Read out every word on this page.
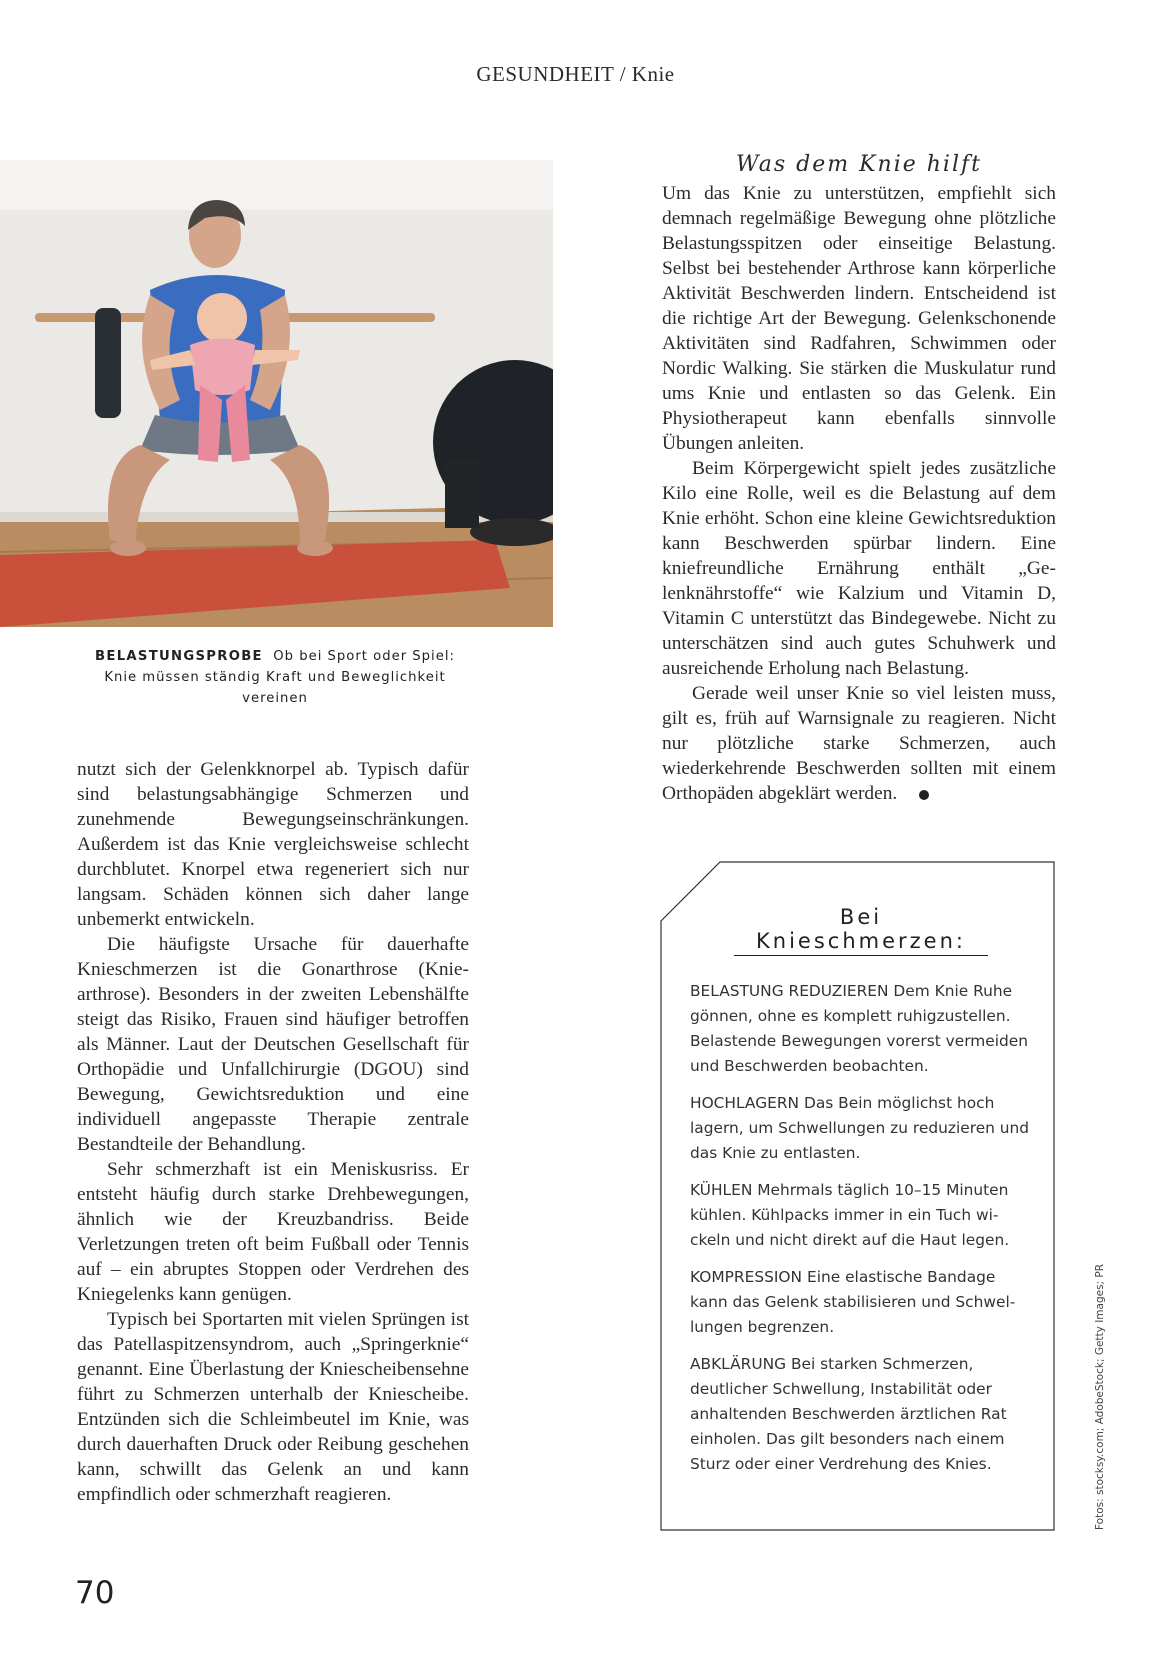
GESUNDHEIT / Knie
BELASTUNGSPROBE Ob bei Sport oder Spiel: Knie müssen ständig Kraft und Beweglichkeit vereinen

nutzt sich der Gelenkknorpel ab. Typisch dafür sind belastungsabhängige Schmerzen und zunehmende Bewegungseinschränkungen. Außerdem ist das Knie vergleichsweise schlecht durchblutet. Knorpel etwa regeneriert sich nur langsam. Schäden können sich daher lange unbemerkt entwickeln.

Die häufigste Ursache für dauerhafte Knieschmerzen ist die Gonarthrose (Kniearthrose). Besonders in der zweiten Lebenshälfte steigt das Risiko, Frauen sind häufiger betroffen als Männer. Laut der Deutschen Gesellschaft für Orthopädie und Unfallchirurgie (DGOU) sind Bewegung, Gewichtsreduktion und eine individuell angepasste Therapie zentrale Bestandteile der Behandlung.

Sehr schmerzhaft ist ein Meniskusriss. Er entsteht häufig durch starke Drehbewegungen, ähnlich wie der Kreuzbandriss. Beide Verletzungen treten oft beim Fußball oder Tennis auf – ein abruptes Stoppen oder Verdrehen des Kniegelenks kann genügen.

Typisch bei Sportarten mit vielen Sprüngen ist das Patellaspitzensyndrom, auch „Springerknie“ genannt. Eine Überlastung der Kniescheibensehne führt zu Schmerzen unterhalb der Kniescheibe. Entzünden sich die Schleimbeutel im Knie, was durch dauerhaften Druck oder Reibung geschehen kann, schwillt das Gelenk an und kann empfindlich oder schmerzhaft reagieren.

Was dem Knie hilft

Um das Knie zu unterstützen, empfiehlt sich demnach regelmäßige Bewegung ohne plötzliche Belastungsspitzen oder einseitige Belastung. Selbst bei bestehender Arthrose kann körperliche Aktivität Beschwerden lindern. Entscheidend ist die richtige Art der Bewegung. Gelenkschonende Aktivitäten sind Radfahren, Schwimmen oder Nordic Walking. Sie stärken die Muskulatur rund ums Knie und entlasten so das Gelenk. Ein Physiotherapeut kann ebenfalls sinnvolle Übungen anleiten.

Beim Körpergewicht spielt jedes zusätzliche Kilo eine Rolle, weil es die Belastung auf dem Knie erhöht. Schon eine kleine Gewichtsreduktion kann Beschwerden spürbar lindern. Eine kniefreundliche Ernährung enthält „Gelenknährstoffe“ wie Kalzium und Vitamin D, Vitamin C unterstützt das Bindegewebe. Nicht zu unterschätzen sind auch gutes Schuhwerk und ausreichende Erholung nach Belastung.

Gerade weil unser Knie so viel leisten muss, gilt es, früh auf Warnsignale zu reagieren. Nicht nur plötzliche starke Schmerzen, auch wiederkehrende Beschwerden sollten mit einem Orthopäden abgeklärt werden.

Bei Knieschmerzen:

BELASTUNG REDUZIEREN Dem Knie Ruhe gönnen, ohne es komplett ruhigzustellen. Belastende Bewegungen vorerst vermeiden und Beschwerden beobachten.

HOCHLAGERN Das Bein möglichst hoch lagern, um Schwellungen zu reduzieren und das Knie zu entlasten.

KÜHLEN Mehrmals täglich 10–15 Minuten kühlen. Kühlpacks immer in ein Tuch wickeln und nicht direkt auf die Haut legen.

KOMPRESSION Eine elastische Bandage kann das Gelenk stabilisieren und Schwellungen begrenzen.

ABKLÄRUNG Bei starken Schmerzen, deutlicher Schwellung, Instabilität oder anhaltenden Beschwerden ärztlichen Rat einholen. Das gilt besonders nach einem Sturz oder einer Verdrehung des Knies.

70
Fotos: stocksy.com; AdobeStock; Getty Images; PR
